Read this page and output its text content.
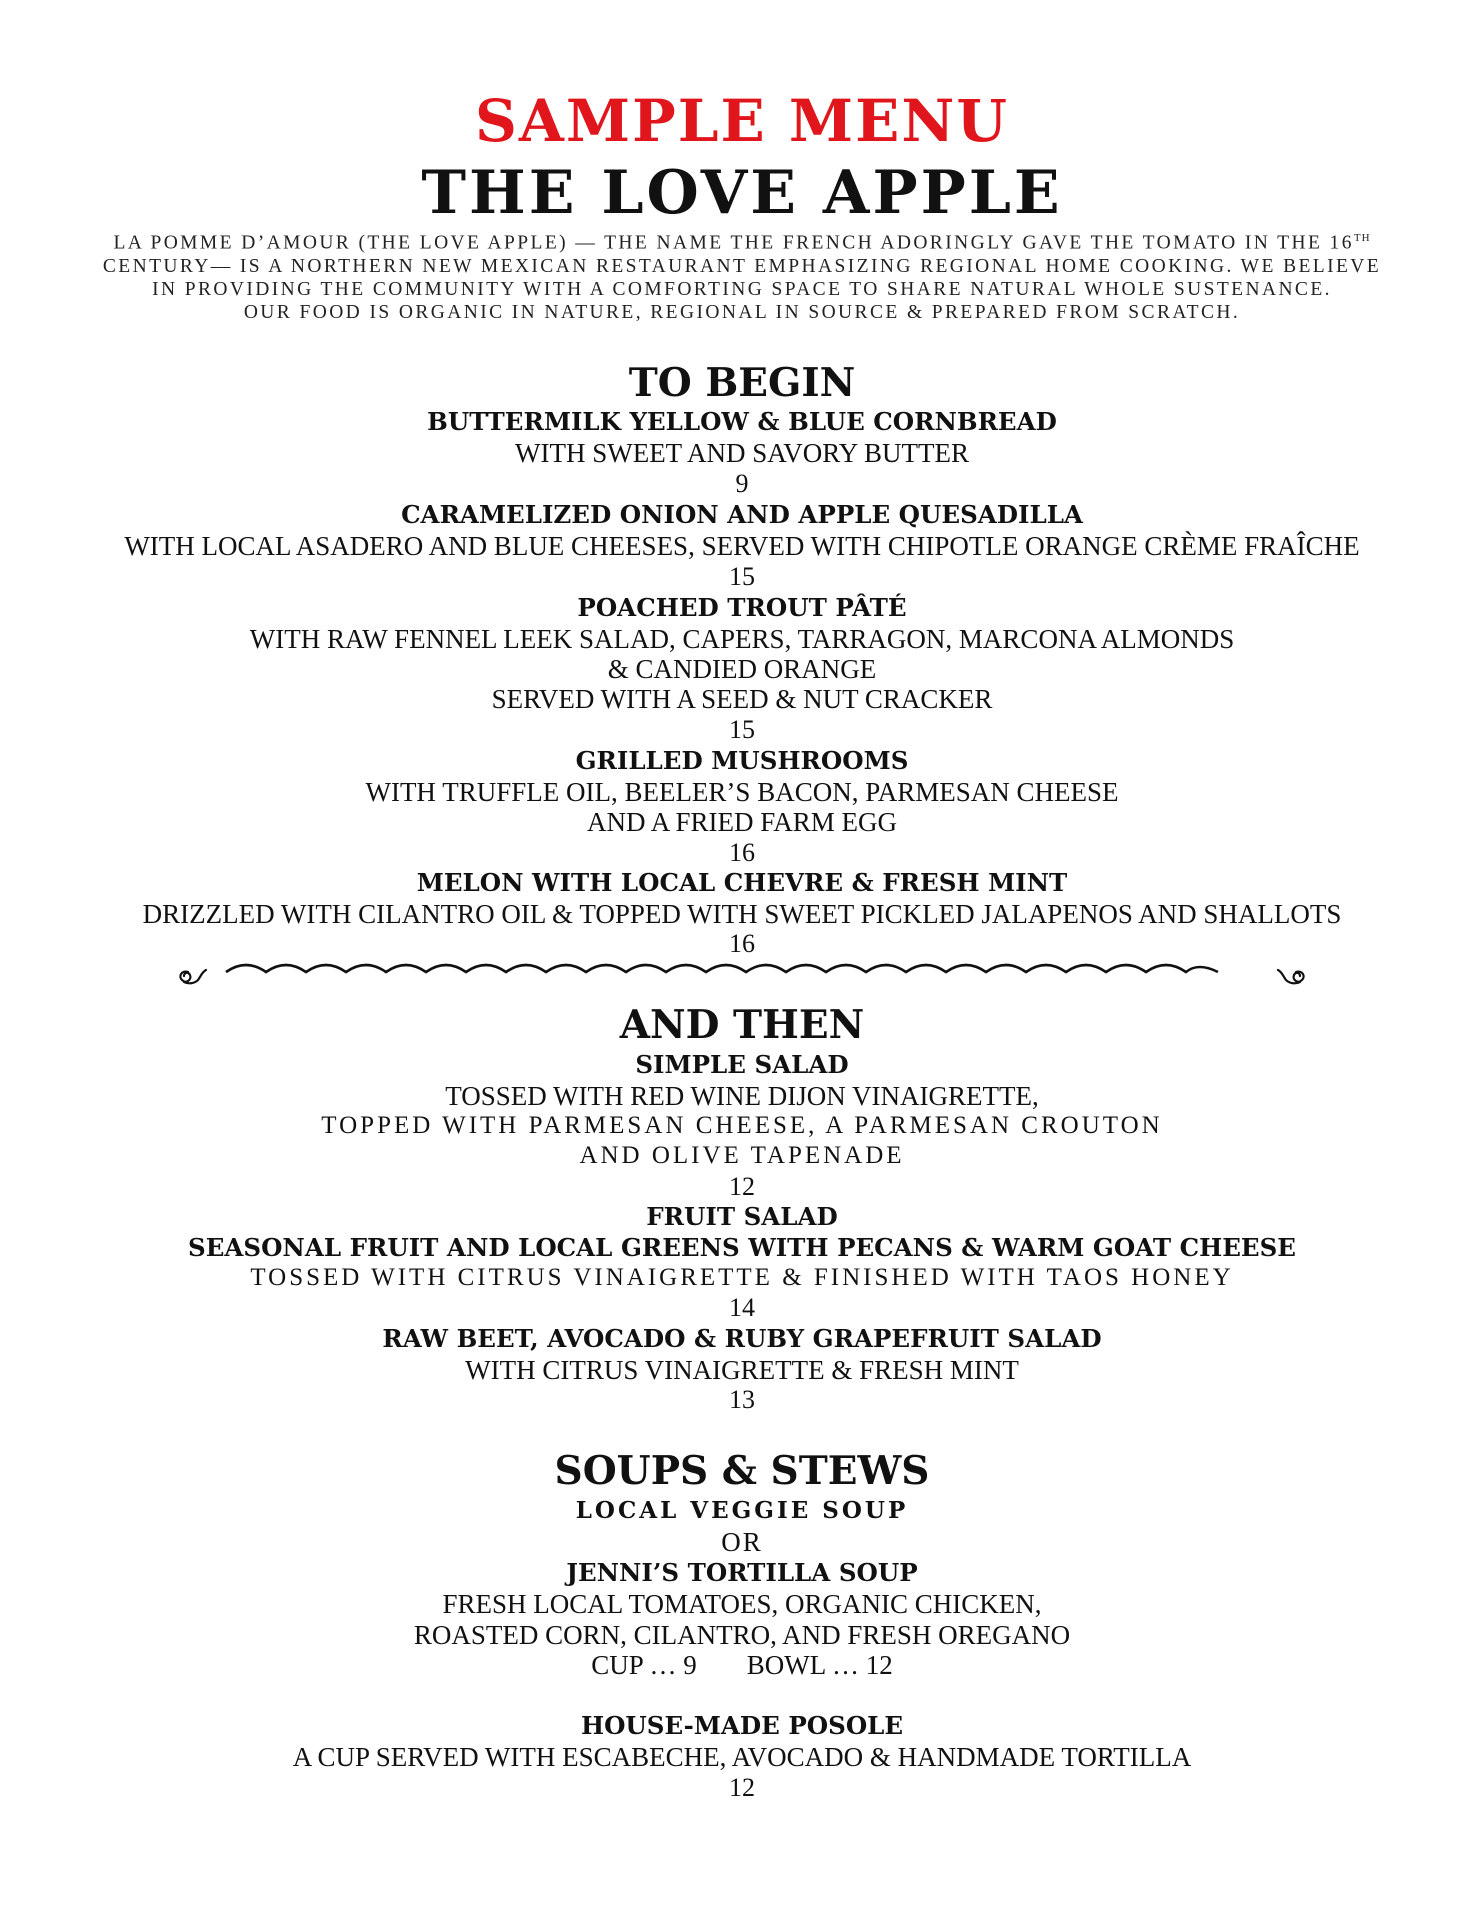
SAMPLE MENU
THE LOVE APPLE
LA POMME D’AMOUR (THE LOVE APPLE) — THE NAME THE FRENCH ADORINGLY GAVE THE TOMATO IN THE 16TH
CENTURY— IS A NORTHERN NEW MEXICAN RESTAURANT EMPHASIZING REGIONAL HOME COOKING. WE BELIEVE
IN PROVIDING THE COMMUNITY WITH A COMFORTING SPACE TO SHARE NATURAL WHOLE SUSTENANCE.
OUR FOOD IS ORGANIC IN NATURE, REGIONAL IN SOURCE & PREPARED FROM SCRATCH.
TO BEGIN
BUTTERMILK YELLOW & BLUE CORNBREAD
WITH SWEET AND SAVORY BUTTER
9
CARAMELIZED ONION AND APPLE QUESADILLA
WITH LOCAL ASADERO AND BLUE CHEESES, SERVED WITH CHIPOTLE ORANGE CRÈME FRAÎCHE
15
POACHED TROUT PÂTÉ
WITH RAW FENNEL LEEK SALAD, CAPERS, TARRAGON, MARCONA ALMONDS
& CANDIED ORANGE
SERVED WITH A SEED & NUT CRACKER
15
GRILLED MUSHROOMS
WITH TRUFFLE OIL, BEELER’S BACON, PARMESAN CHEESE
AND A FRIED FARM EGG
16
MELON WITH LOCAL CHEVRE & FRESH MINT
DRIZZLED WITH CILANTRO OIL & TOPPED WITH SWEET PICKLED JALAPENOS AND SHALLOTS
16
AND THEN
SIMPLE SALAD
TOSSED WITH RED WINE DIJON VINAIGRETTE,
TOPPED WITH PARMESAN CHEESE, A PARMESAN CROUTON
AND OLIVE TAPENADE
12
FRUIT SALAD
SEASONAL FRUIT AND LOCAL GREENS WITH PECANS & WARM GOAT CHEESE
TOSSED WITH CITRUS VINAIGRETTE & FINISHED WITH TAOS HONEY
14
RAW BEET, AVOCADO & RUBY GRAPEFRUIT SALAD
WITH CITRUS VINAIGRETTE & FRESH MINT
13
SOUPS & STEWS
LOCAL VEGGIE SOUP
OR
JENNI’S TORTILLA SOUP
FRESH LOCAL TOMATOES, ORGANIC CHICKEN,
ROASTED CORN, CILANTRO, AND FRESH OREGANO
CUP … 9 BOWL … 12
HOUSE-MADE POSOLE
A CUP SERVED WITH ESCABECHE, AVOCADO & HANDMADE TORTILLA
12
